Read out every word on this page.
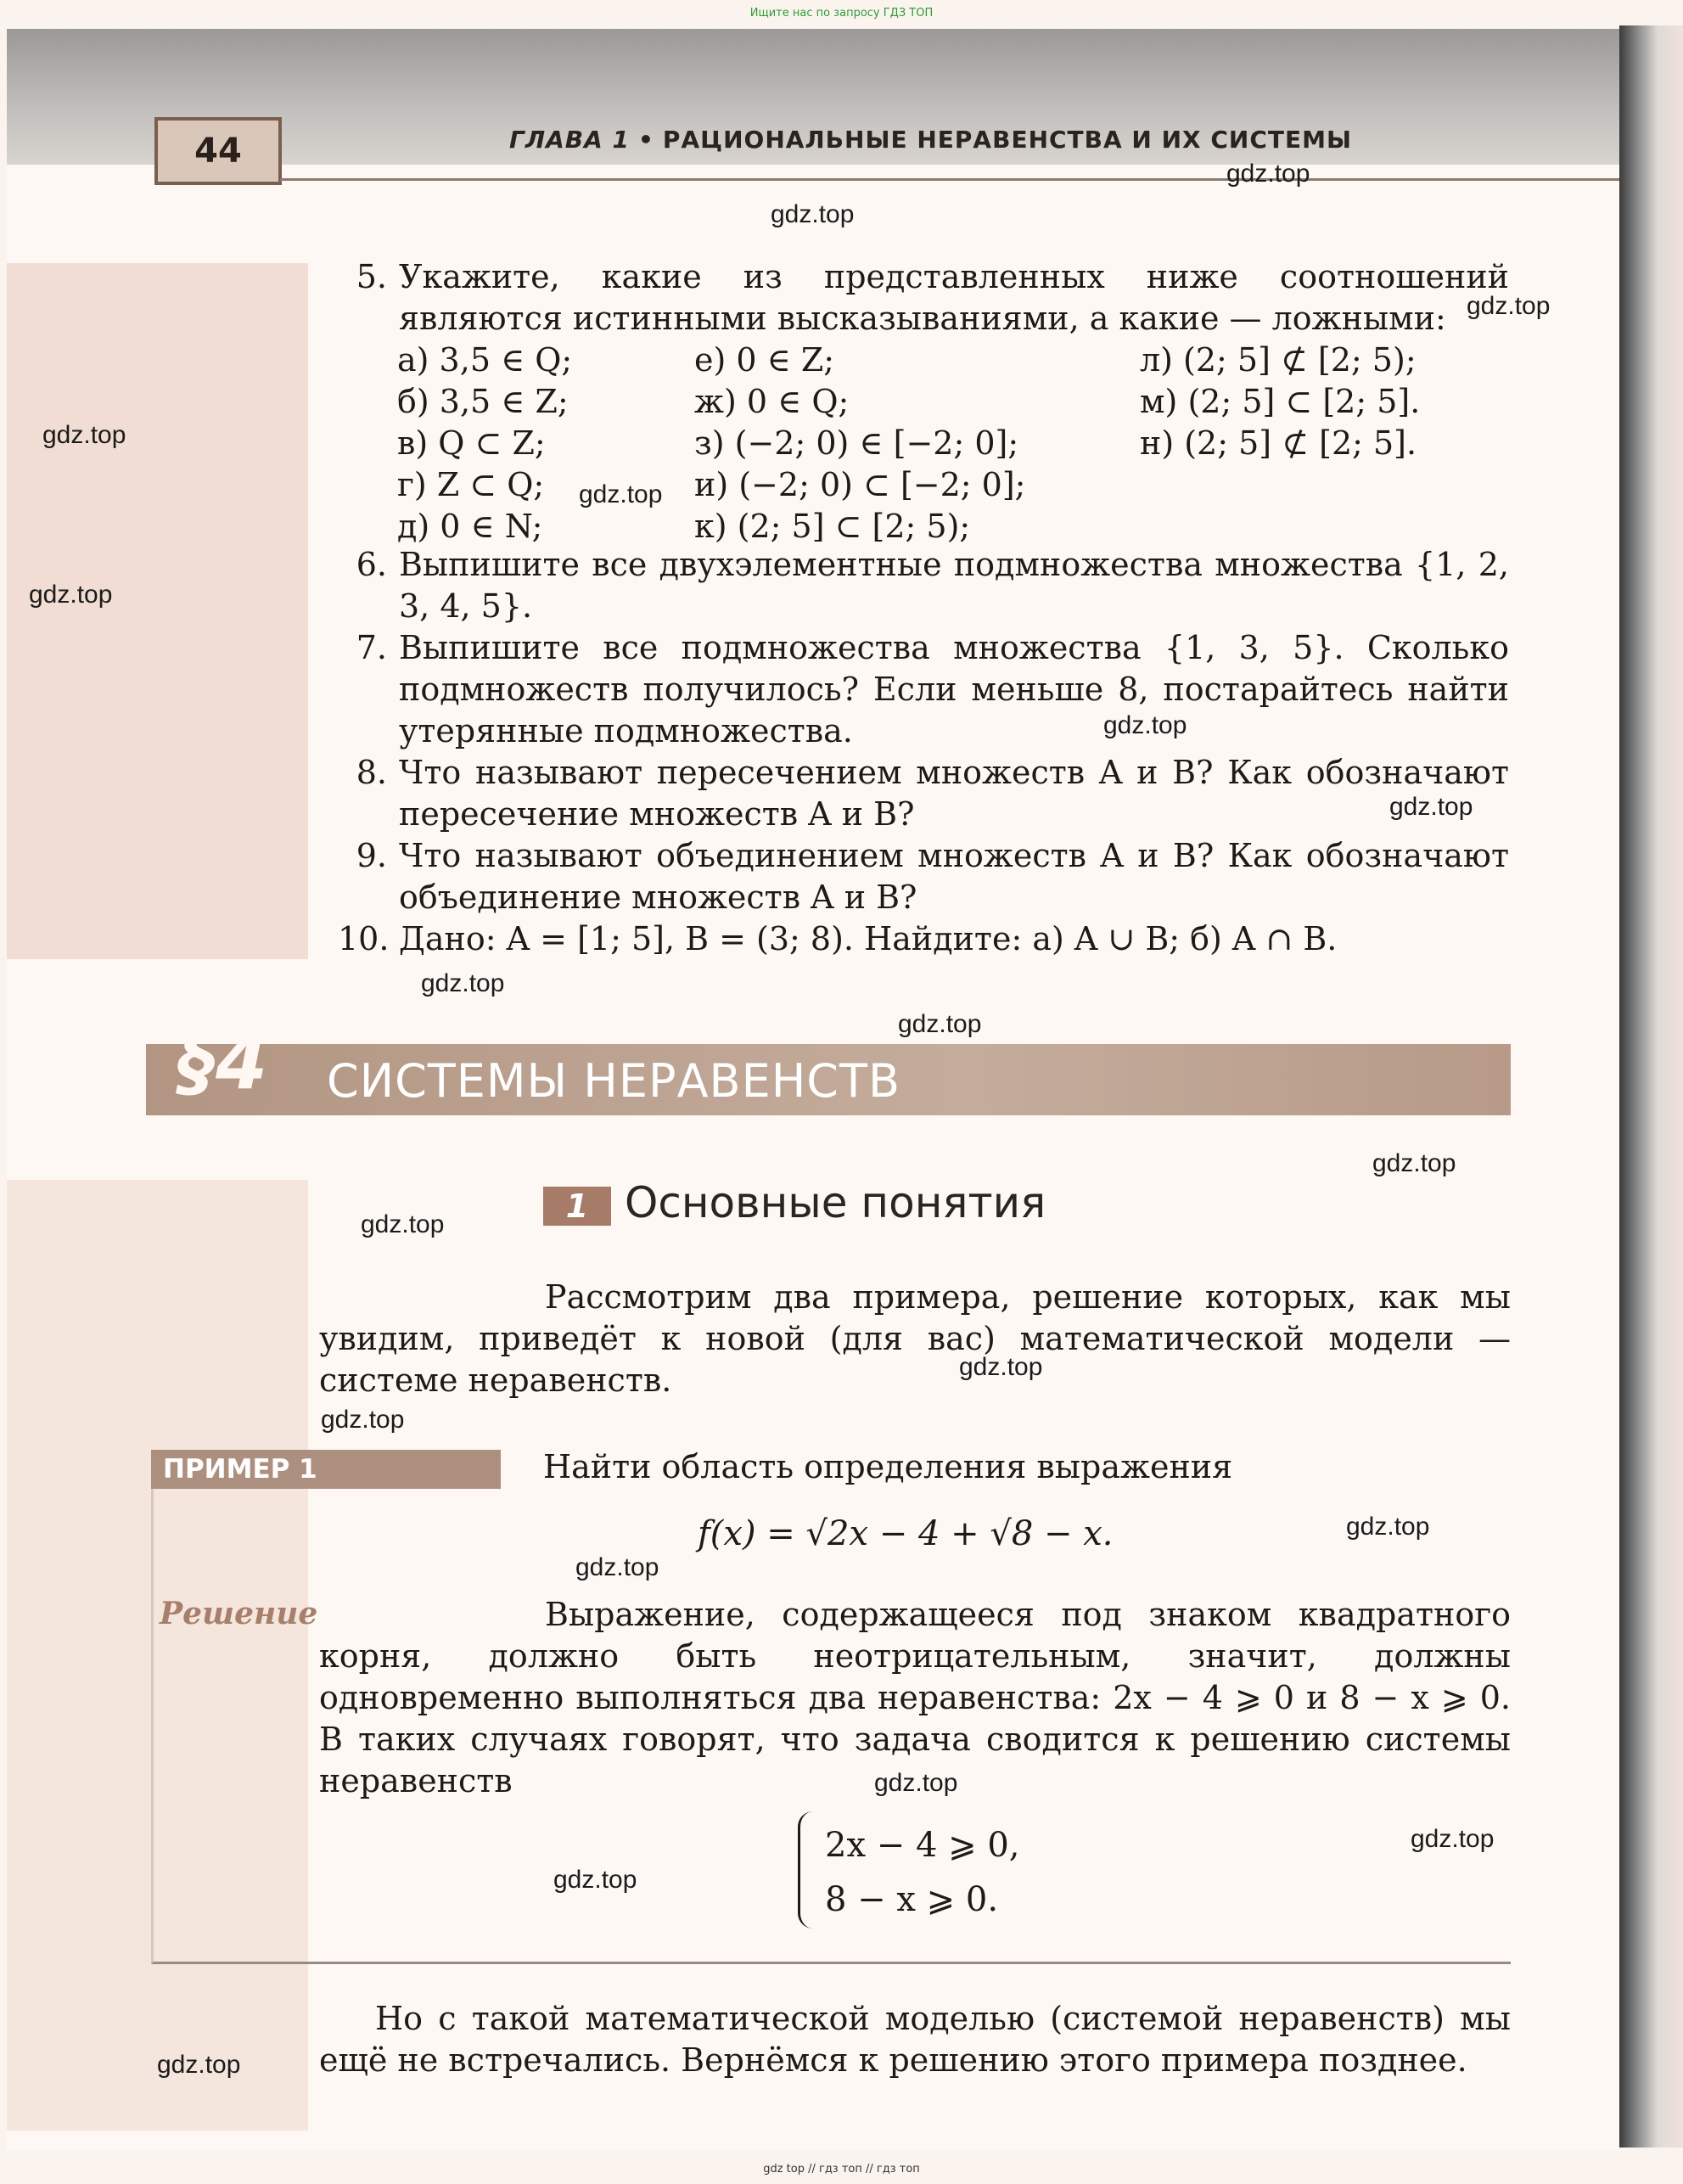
Ищите нас по запросу ГДЗ ТОП
44	ГЛАВА 1 • РАЦИОНАЛЬНЫЕ НЕРАВЕНСТВА И ИХ СИСТЕМЫ
5. Укажите, какие из представленных ниже соотношений являются истинными высказываниями, а какие — ложными:
а) 3,5 ∈ Q;	е) 0 ∈ Z;	л) (2; 5] ⊄ [2; 5);
б) 3,5 ∈ Z;	ж) 0 ∈ Q;	м) (2; 5] ⊂ [2; 5].
в) Q ⊂ Z;	з) (−2; 0) ∈ [−2; 0];	н) (2; 5] ⊄ [2; 5].
г) Z ⊂ Q;	и) (−2; 0) ⊂ [−2; 0];
д) 0 ∈ N;	к) (2; 5] ⊂ [2; 5);
6. Выпишите все двухэлементные подмножества множества {1, 2, 3, 4, 5}.
7. Выпишите все подмножества множества {1, 3, 5}. Сколько подмножеств получилось? Если меньше 8, постарайтесь найти утерянные подмножества.
8. Что называют пересечением множеств A и B? Как обозначают пересечение множеств A и B?
9. Что называют объединением множеств A и B? Как обозначают объединение множеств A и B?
10. Дано: A = [1; 5], B = (3; 8). Найдите: а) A ∪ B; б) A ∩ B.
§4 СИСТЕМЫ НЕРАВЕНСТВ
1 Основные понятия
Рассмотрим два примера, решение которых, как мы увидим, приведёт к новой (для вас) математической модели — системе неравенств.
ПРИМЕР 1	Найти область определения выражения
f(x) = √2x − 4 + √8 − x.
Решение	Выражение, содержащееся под знаком квадратного корня, должно быть неотрицательным, значит, должны одновременно выполняться два неравенства: 2x − 4 ⩾ 0 и 8 − x ⩾ 0. В таких случаях говорят, что задача сводится к решению системы неравенств
2x − 4 ⩾ 0,
8 − x ⩾ 0.
Но с такой математической моделью (системой неравенств) мы ещё не встречались. Вернёмся к решению этого примера позднее.
gdz.top
gdz.top
gdz.top
gdz.top
gdz.top
gdz.top
gdz.top
gdz.top
gdz.top
gdz.top
gdz.top
gdz.top
gdz.top
gdz.top
gdz.top
gdz.top
gdz.top
gdz.top
gdz.top
gdz.top
gdz top // гдз топ // гдз топ
